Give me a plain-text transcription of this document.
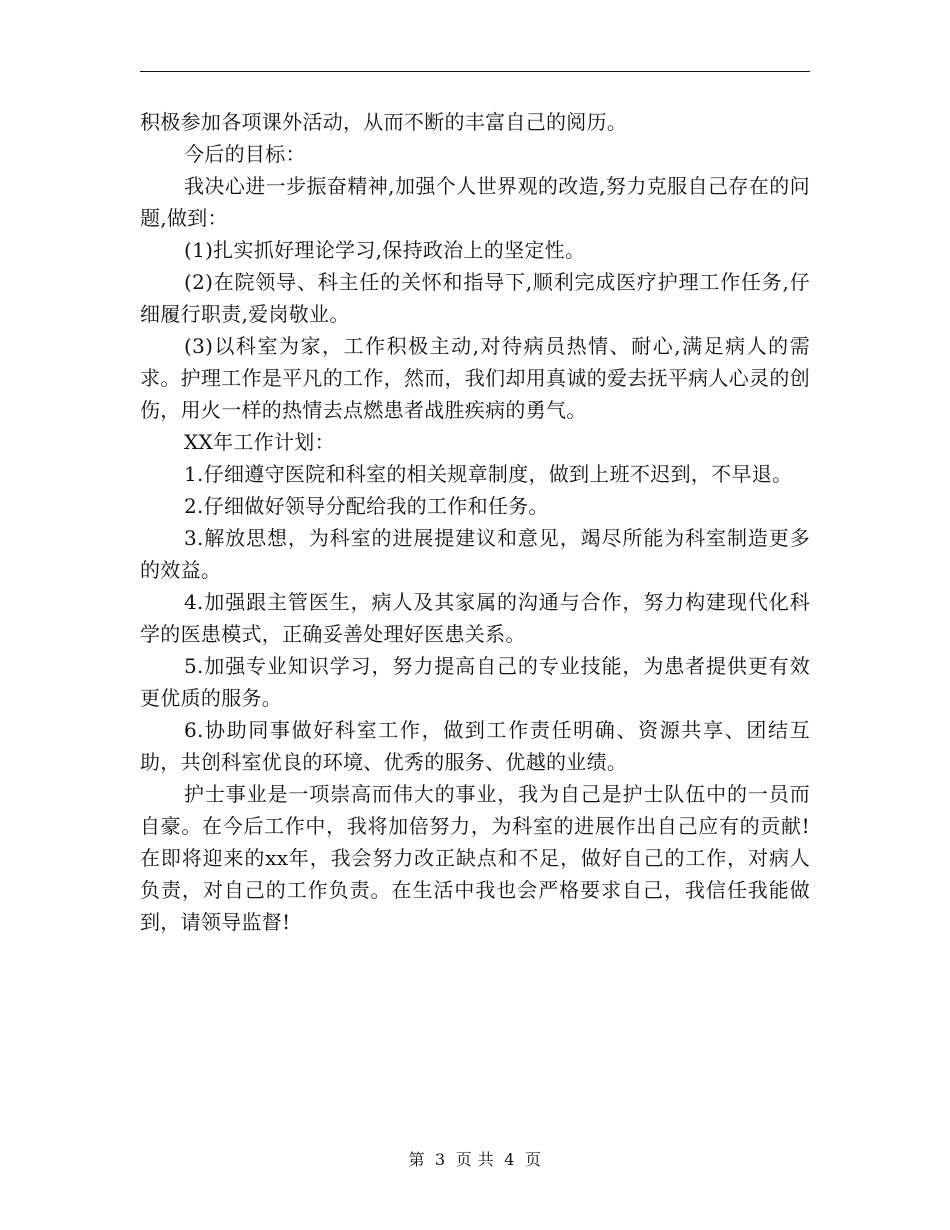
积极参加各项课外活动，从而不断的丰富自己的阅历。

今后的目标：

我决心进一步振奋精神,加强个人世界观的改造,努力克服自己存在的问题,做到：

(1)扎实抓好理论学习,保持政治上的坚定性。

(2)在院领导、科主任的关怀和指导下,顺利完成医疗护理工作任务,仔细履行职责,爱岗敬业。

(3)以科室为家，工作积极主动,对待病员热情、耐心,满足病人的需求。护理工作是平凡的工作，然而，我们却用真诚的爱去抚平病人心灵的创伤，用火一样的热情去点燃患者战胜疾病的勇气。

XX年工作计划：

1.仔细遵守医院和科室的相关规章制度，做到上班不迟到，不早退。

2.仔细做好领导分配给我的工作和任务。

3.解放思想，为科室的进展提建议和意见，竭尽所能为科室制造更多的效益。

4.加强跟主管医生，病人及其家属的沟通与合作，努力构建现代化科学的医患模式，正确妥善处理好医患关系。

5.加强专业知识学习，努力提高自己的专业技能，为患者提供更有效更优质的服务。

6.协助同事做好科室工作，做到工作责任明确、资源共享、团结互助，共创科室优良的环境、优秀的服务、优越的业绩。

护士事业是一项崇高而伟大的事业，我为自己是护士队伍中的一员而自豪。在今后工作中，我将加倍努力，为科室的进展作出自己应有的贡献!在即将迎来的xx年，我会努力改正缺点和不足，做好自己的工作，对病人负责，对自己的工作负责。在生活中我也会严格要求自己，我信任我能做到，请领导监督!

第 3 页 共 4 页
